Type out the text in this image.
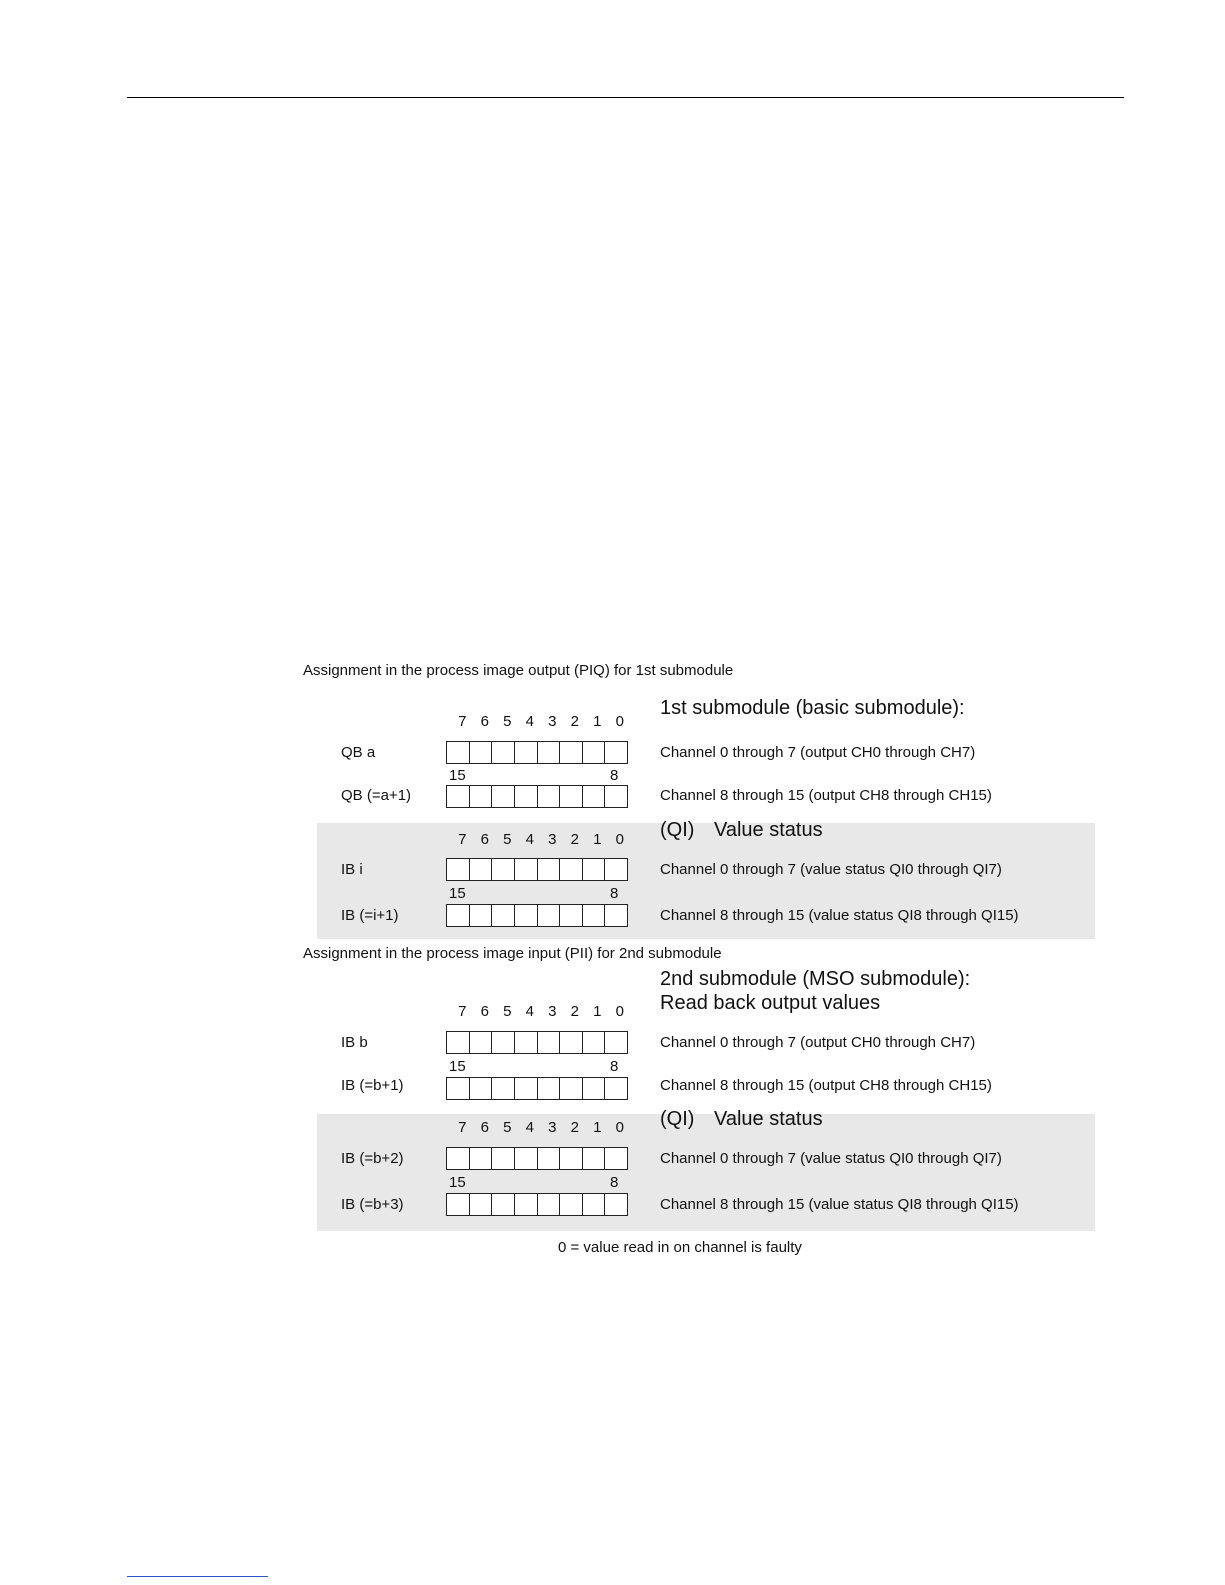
Assignment in the process image output (PIQ) for 1st submodule
1st submodule (basic submodule):
7 6 5 4 3 2 1 0
QB a	Channel 0 through 7 (output CH0 through CH7)
15	8
QB (=a+1)	Channel 8 through 15 (output CH8 through CH15)
(QI) Value status
7 6 5 4 3 2 1 0
IB i	Channel 0 through 7 (value status QI0 through QI7)
15	8
IB (=i+1)	Channel 8 through 15 (value status QI8 through QI15)
Assignment in the process image input (PII) for 2nd submodule
2nd submodule (MSO submodule):
Read back output values
7 6 5 4 3 2 1 0
IB b	Channel 0 through 7 (output CH0 through CH7)
15	8
IB (=b+1)	Channel 8 through 15 (output CH8 through CH15)
(QI) Value status
7 6 5 4 3 2 1 0
IB (=b+2)	Channel 0 through 7 (value status QI0 through QI7)
15	8
IB (=b+3)	Channel 8 through 15 (value status QI8 through QI15)
0 = value read in on channel is faulty
